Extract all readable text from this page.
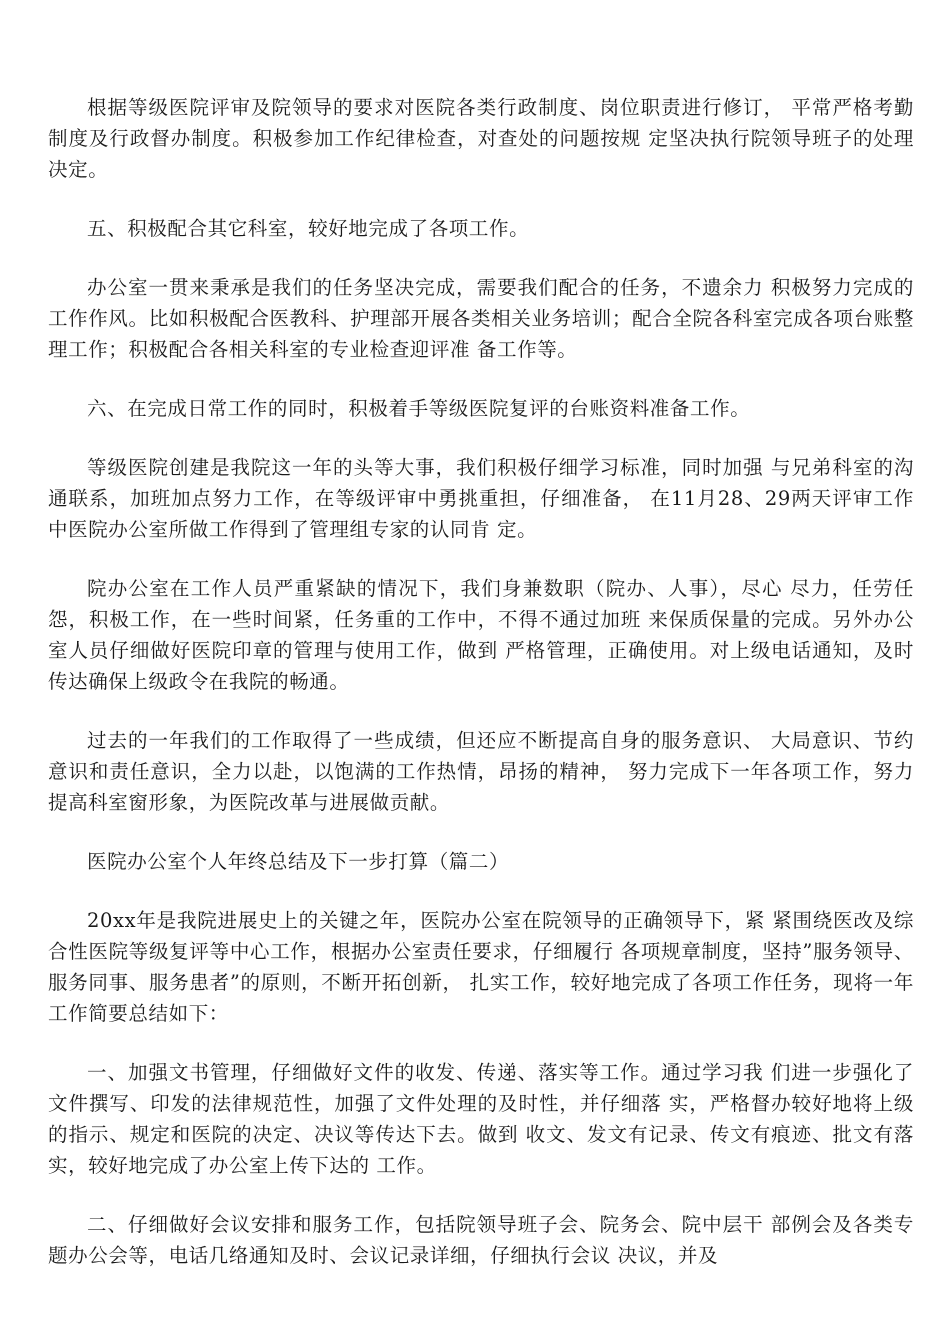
根据等级医院评审及院领导的要求对医院各类行政制度、岗位职责进行修订， 平常严格考勤制度及行政督办制度。积极参加工作纪律检查，对查处的问题按规 定坚决执行院领导班子的处理决定。

五、积极配合其它科室，较好地完成了各项工作。

办公室一贯来秉承是我们的任务坚决完成，需要我们配合的任务，不遗余力 积极努力完成的工作作风。比如积极配合医教科、护理部开展各类相关业务培训；配合全院各科室完成各项台账整理工作；积极配合各相关科室的专业检查迎评准 备工作等。

六、在完成日常工作的同时，积极着手等级医院复评的台账资料准备工作。

等级医院创建是我院这一年的头等大事，我们积极仔细学习标准，同时加强 与兄弟科室的沟通联系，加班加点努力工作，在等级评审中勇挑重担，仔细准备， 在11月28、29两天评审工作中医院办公室所做工作得到了管理组专家的认同肯 定。

院办公室在工作人员严重紧缺的情况下，我们身兼数职（院办、人事），尽心 尽力，任劳任怨，积极工作，在一些时间紧，任务重的工作中，不得不通过加班 来保质保量的完成。另外办公室人员仔细做好医院印章的管理与使用工作，做到 严格管理，正确使用。对上级电话通知，及时传达确保上级政令在我院的畅通。

过去的一年我们的工作取得了一些成绩，但还应不断提高自身的服务意识、 大局意识、节约意识和责任意识，全力以赴，以饱满的工作热情，昂扬的精神， 努力完成下一年各项工作，努力提高科室窗形象，为医院改革与进展做贡献。

医院办公室个人年终总结及下一步打算（篇二）

20xx年是我院进展史上的关键之年，医院办公室在院领导的正确领导下，紧 紧围绕医改及综合性医院等级复评等中心工作，根据办公室责任要求，仔细履行 各项规章制度，坚持”服务领导、服务同事、服务患者”的原则，不断开拓创新， 扎实工作，较好地完成了各项工作任务，现将一年工作简要总结如下：

一、加强文书管理，仔细做好文件的收发、传递、落实等工作。通过学习我 们进一步强化了文件撰写、印发的法律规范性，加强了文件处理的及时性，并仔细落 实，严格督办较好地将上级的指示、规定和医院的决定、决议等传达下去。做到 收文、发文有记录、传文有痕迹、批文有落实，较好地完成了办公室上传下达的 工作。

二、仔细做好会议安排和服务工作，包括院领导班子会、院务会、院中层干 部例会及各类专题办公会等，电话几络通知及时、会议记录详细，仔细执行会议 决议，并及
